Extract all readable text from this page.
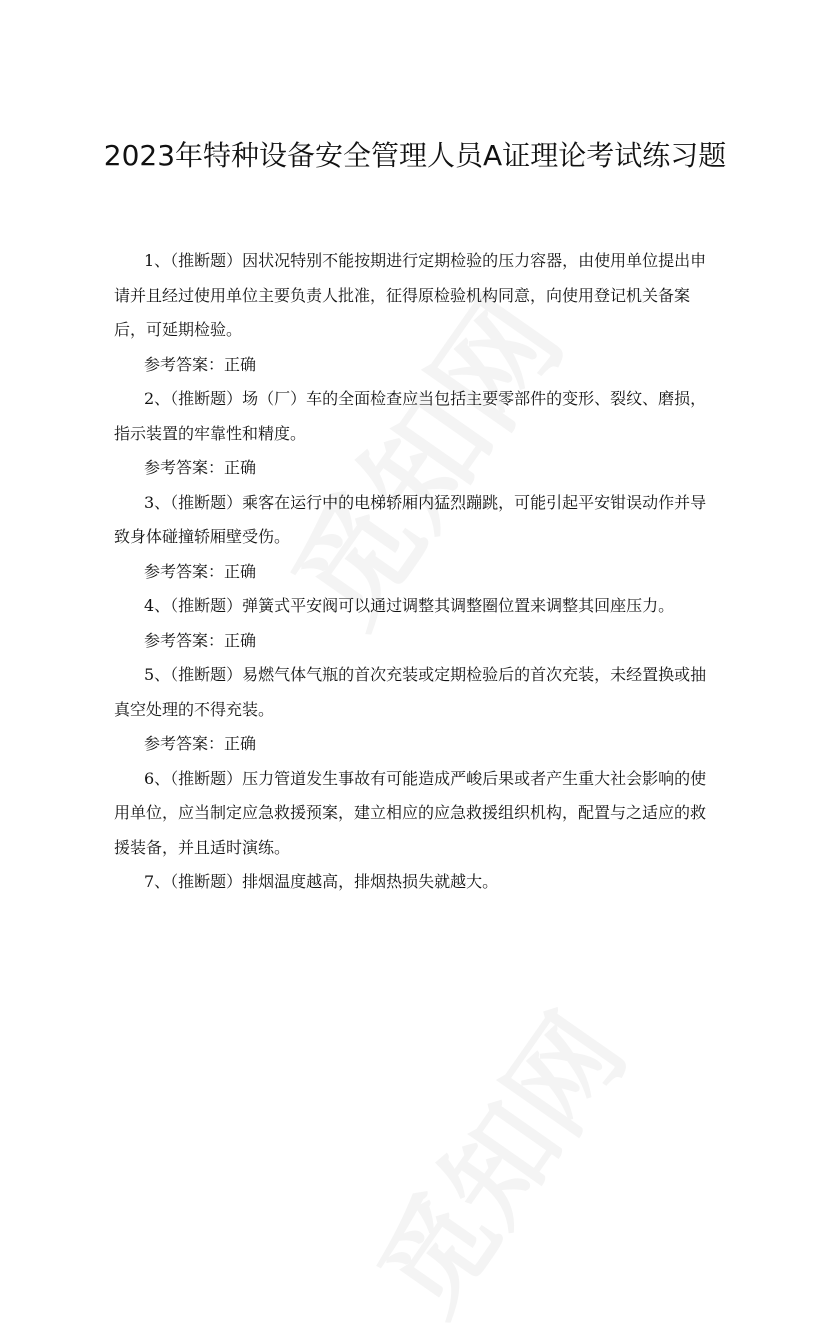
2023年特种设备安全管理人员A证理论考试练习题

1、（推断题）因状况特别不能按期进行定期检验的压力容器，由使用单位提出申请并且经过使用单位主要负责人批准，征得原检验机构同意，向使用登记机关备案后，可延期检验。

参考答案：正确

2、（推断题）场（厂）车的全面检查应当包括主要零部件的变形、裂纹、磨损，指示装置的牢靠性和精度。

参考答案：正确

3、（推断题）乘客在运行中的电梯轿厢内猛烈蹦跳，可能引起平安钳误动作并导致身体碰撞轿厢壁受伤。

参考答案：正确

4、（推断题）弹簧式平安阀可以通过调整其调整圈位置来调整其回座压力。

参考答案：正确

5、（推断题）易燃气体气瓶的首次充装或定期检验后的首次充装，未经置换或抽真空处理的不得充装。

参考答案：正确

6、（推断题）压力管道发生事故有可能造成严峻后果或者产生重大社会影响的使用单位，应当制定应急救援预案，建立相应的应急救援组织机构，配置与之适应的救援装备，并且适时演练。

7、（推断题）排烟温度越高，排烟热损失就越大。
